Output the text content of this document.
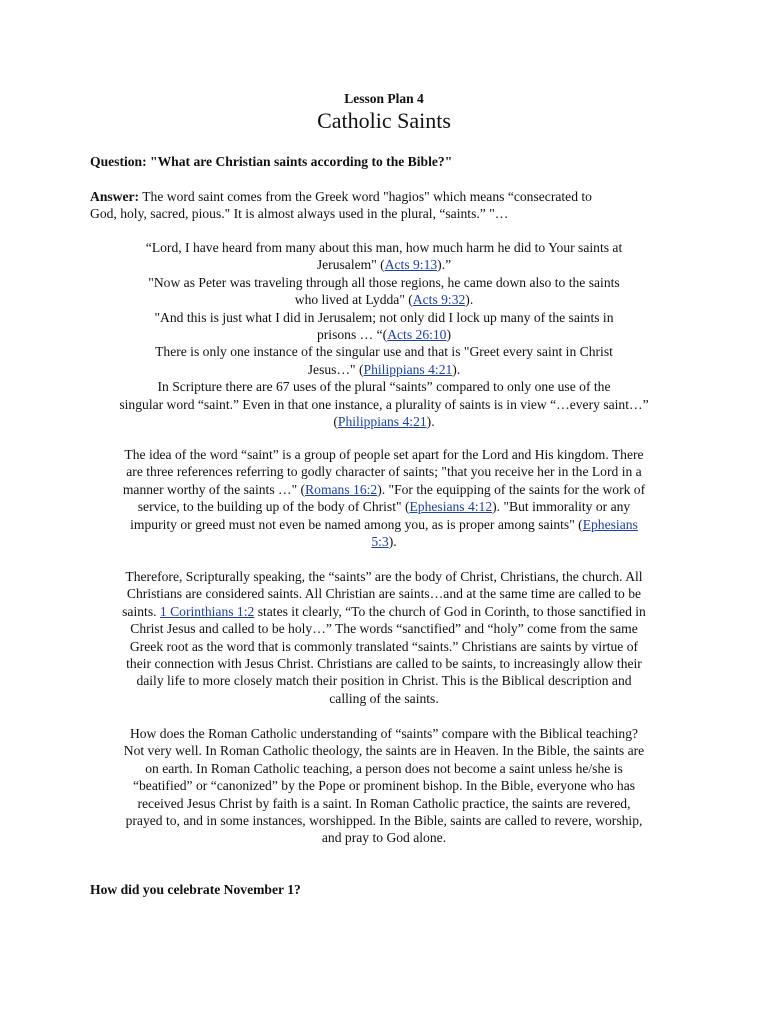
Lesson Plan 4
Catholic Saints
Question: "What are Christian saints according to the Bible?"
Answer: The word saint comes from the Greek word "hagios" which means “consecrated to
God, holy, sacred, pious." It is almost always used in the plural, “saints.” "…
“Lord, I have heard from many about this man, how much harm he did to Your saints at
Jerusalem" (Acts 9:13).”
"Now as Peter was traveling through all those regions, he came down also to the saints
who lived at Lydda" (Acts 9:32).
"And this is just what I did in Jerusalem; not only did I lock up many of the saints in
prisons … “(Acts 26:10)
There is only one instance of the singular use and that is "Greet every saint in Christ
Jesus…" (Philippians 4:21).
In Scripture there are 67 uses of the plural “saints” compared to only one use of the
singular word “saint.” Even in that one instance, a plurality of saints is in view “…every saint…”
(Philippians 4:21).
The idea of the word “saint” is a group of people set apart for the Lord and His kingdom. There
are three references referring to godly character of saints; "that you receive her in the Lord in a
manner worthy of the saints …" (Romans 16:2). "For the equipping of the saints for the work of
service, to the building up of the body of Christ" (Ephesians 4:12). "But immorality or any
impurity or greed must not even be named among you, as is proper among saints" (Ephesians
5:3).
Therefore, Scripturally speaking, the “saints” are the body of Christ, Christians, the church. All
Christians are considered saints. All Christian are saints…and at the same time are called to be
saints. 1 Corinthians 1:2 states it clearly, “To the church of God in Corinth, to those sanctified in
Christ Jesus and called to be holy…” The words “sanctified” and “holy” come from the same
Greek root as the word that is commonly translated “saints.” Christians are saints by virtue of
their connection with Jesus Christ. Christians are called to be saints, to increasingly allow their
daily life to more closely match their position in Christ. This is the Biblical description and
calling of the saints.
How does the Roman Catholic understanding of “saints” compare with the Biblical teaching?
Not very well. In Roman Catholic theology, the saints are in Heaven. In the Bible, the saints are
on earth. In Roman Catholic teaching, a person does not become a saint unless he/she is
“beatified” or “canonized” by the Pope or prominent bishop. In the Bible, everyone who has
received Jesus Christ by faith is a saint. In Roman Catholic practice, the saints are revered,
prayed to, and in some instances, worshipped. In the Bible, saints are called to revere, worship,
and pray to God alone.
How did you celebrate November 1?
